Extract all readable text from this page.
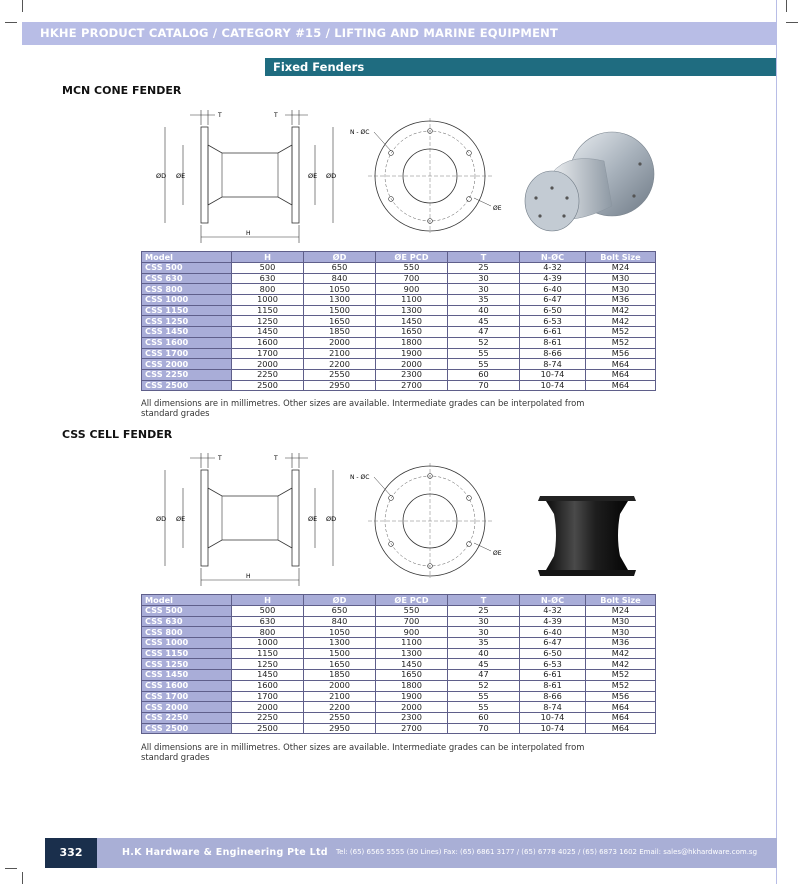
HKHE PRODUCT CATALOG / CATEGORY #15 / LIFTING AND MARINE EQUIPMENT
Fixed Fenders
MCN CONE FENDER
T	T
ØD ØE	ØE ØD
H
N - ØC
ØE
Model	H	ØD	ØE PCD	T	N-ØC	Bolt Size
CSS 500	500	650	550	25	4-32	M24
CSS 630	630	840	700	30	4-39	M30
CSS 800	800	1050	900	30	6-40	M30
CSS 1000	1000	1300	1100	35	6-47	M36
CSS 1150	1150	1500	1300	40	6-50	M42
CSS 1250	1250	1650	1450	45	6-53	M42
CSS 1450	1450	1850	1650	47	6-61	M52
CSS 1600	1600	2000	1800	52	8-61	M52
CSS 1700	1700	2100	1900	55	8-66	M56
CSS 2000	2000	2200	2000	55	8-74	M64
CSS 2250	2250	2550	2300	60	10-74	M64
CSS 2500	2500	2950	2700	70	10-74	M64
All dimensions are in millimetres. Other sizes are available. Intermediate grades can be interpolated from standard grades
CSS CELL FENDER
T	T
ØD ØE	ØE ØD
H
N - ØC
ØE
Model	H	ØD	ØE PCD	T	N-ØC	Bolt Size
CSS 500	500	650	550	25	4-32	M24
CSS 630	630	840	700	30	4-39	M30
CSS 800	800	1050	900	30	6-40	M30
CSS 1000	1000	1300	1100	35	6-47	M36
CSS 1150	1150	1500	1300	40	6-50	M42
CSS 1250	1250	1650	1450	45	6-53	M42
CSS 1450	1450	1850	1650	47	6-61	M52
CSS 1600	1600	2000	1800	52	8-61	M52
CSS 1700	1700	2100	1900	55	8-66	M56
CSS 2000	2000	2200	2000	55	8-74	M64
CSS 2250	2250	2550	2300	60	10-74	M64
CSS 2500	2500	2950	2700	70	10-74	M64
All dimensions are in millimetres. Other sizes are available. Intermediate grades can be interpolated from standard grades
332	H.K Hardware & Engineering Pte Ltd Tel: (65) 6565 5555 (30 Lines) Fax: (65) 6861 3177 / (65) 6778 4025 / (65) 6873 1602 Email: sales@hkhardware.com.sg
